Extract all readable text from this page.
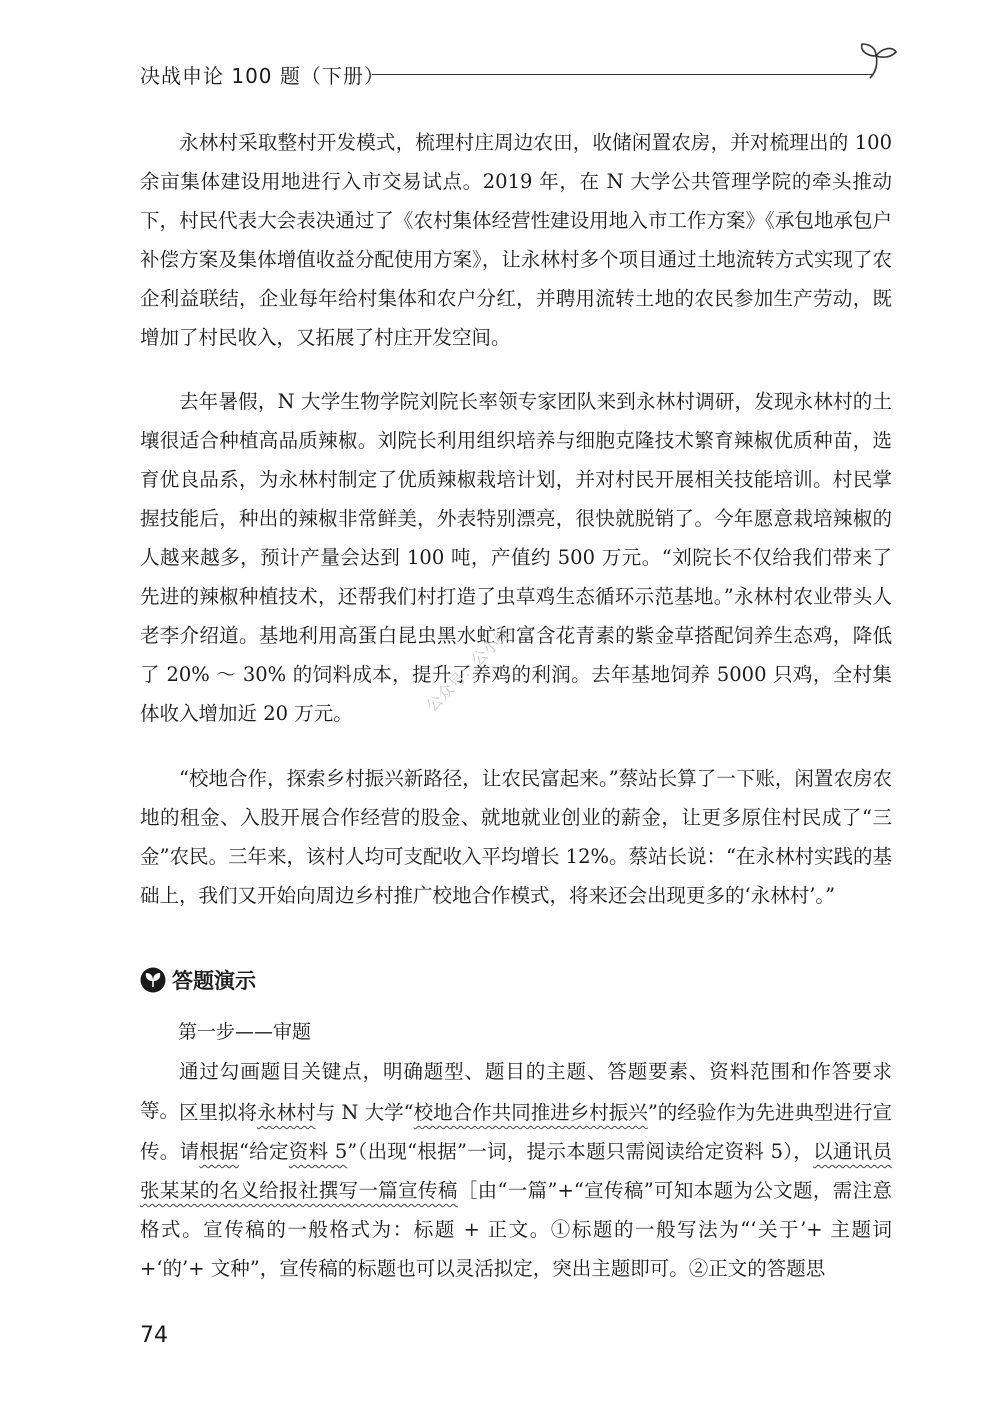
决战申论 100 题（下册）

永林村采取整村开发模式，梳理村庄周边农田，收储闲置农房，并对梳理出的 100 余亩集体建设用地进行入市交易试点。2019 年，在 N 大学公共管理学院的牵头推动下，村民代表大会表决通过了《农村集体经营性建设用地入市工作方案》《承包地承包户补偿方案及集体增值收益分配使用方案》，让永林村多个项目通过土地流转方式实现了农企利益联结，企业每年给村集体和农户分红，并聘用流转土地的农民参加生产劳动，既增加了村民收入，又拓展了村庄开发空间。

去年暑假，N 大学生物学院刘院长率领专家团队来到永林村调研，发现永林村的土壤很适合种植高品质辣椒。刘院长利用组织培养与细胞克隆技术繁育辣椒优质种苗，选育优良品系，为永林村制定了优质辣椒栽培计划，并对村民开展相关技能培训。村民掌握技能后，种出的辣椒非常鲜美，外表特别漂亮，很快就脱销了。今年愿意栽培辣椒的人越来越多，预计产量会达到 100 吨，产值约 500 万元。“刘院长不仅给我们带来了先进的辣椒种植技术，还帮我们村打造了虫草鸡生态循环示范基地。”永林村农业带头人老李介绍道。基地利用高蛋白昆虫黑水虻和富含花青素的紫金草搭配饲养生态鸡，降低了 20% ～ 30% 的饲料成本，提升了养鸡的利润。去年基地饲养 5000 只鸡，全村集体收入增加近 20 万元。

“校地合作，探索乡村振兴新路径，让农民富起来。”蔡站长算了一下账，闲置农房农地的租金、入股开展合作经营的股金、就地就业创业的薪金，让更多原住村民成了“三金”农民。三年来，该村人均可支配收入平均增长 12%。蔡站长说：“在永林村实践的基础上，我们又开始向周边乡村推广校地合作模式，将来还会出现更多的‘永林村’。”

答题演示
第一步——审题

通过勾画题目关键点，明确题型、题目的主题、答题要素、资料范围和作答要求等。 区里拟将永林村与 N 大学“校地合作共同推进乡村振兴”的经验作为先进典型进行宣传。请根据“给定资料 5”（出现“根据”一词，提示本题只需阅读给定资料 5），以通讯员张某某的名义给报社撰写一篇宣传稿［由“一篇”+“宣传稿”可知本题为公文题，需注意格式。宣传稿的一般格式为：标题 + 正文。①标题的一般写法为“‘关于’+ 主题词 +‘的’+ 文种”，宣传稿的标题也可以灵活拟定，突出主题即可。②正文的答题思

公众号：公小绿
74
